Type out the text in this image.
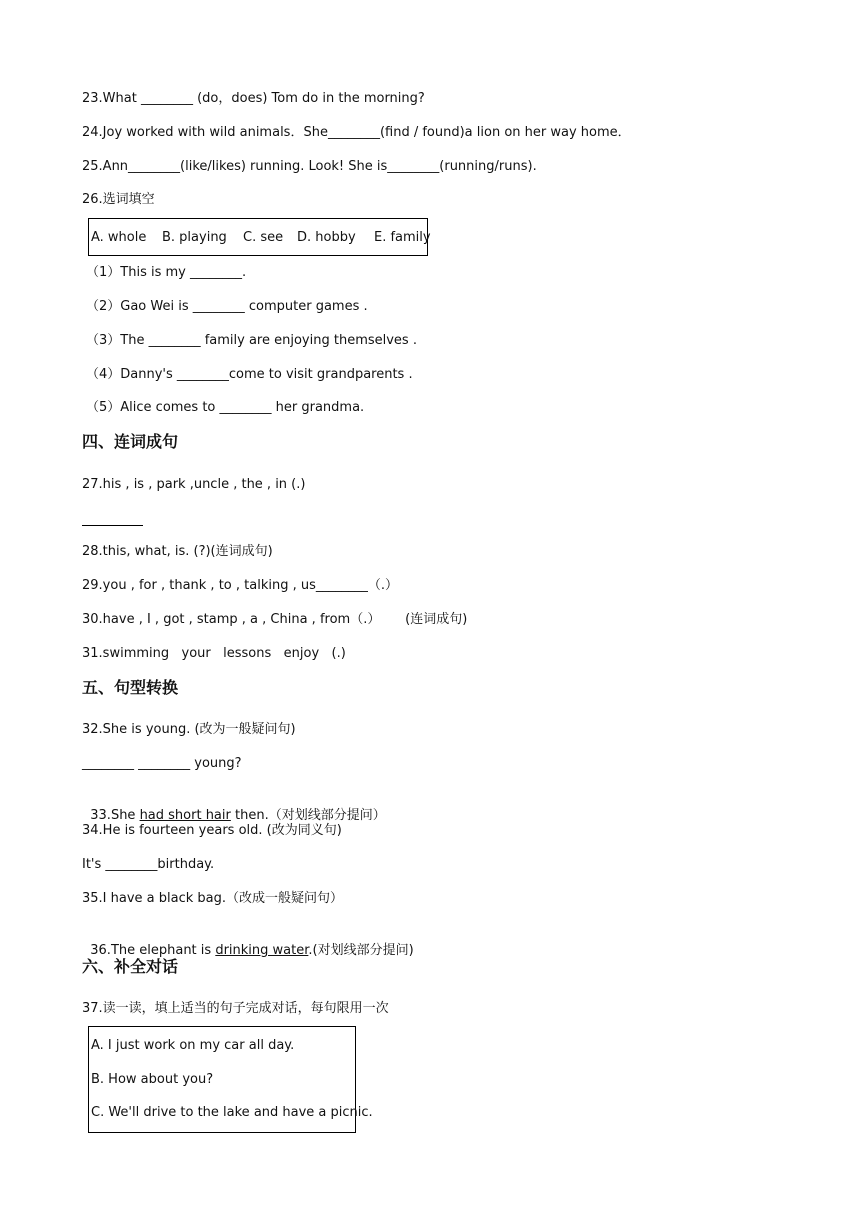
23.What ________ (do，does) Tom do in the morning?
24.Joy worked with wild animals．She________(find / found)a lion on her way home．
25.Ann________(like/likes) running. Look! She is________(running/runs).
26.选词填空
A. whole B. playing C. see D. hobby E. family
（1）This is my ________.
（2）Gao Wei is ________ computer games .
（3）The ________ family are enjoying themselves .
（4）Danny's ________come to visit grandparents .
（5）Alice comes to ________ her grandma.
四、连词成句
27.his , is , park ,uncle , the , in (.)
28.this, what, is. (?)(连词成句)
29.you , for , thank , to , talking , us________（.）
30.have , I , got , stamp , a , China , from（.）      (连词成句)
31.swimming   your   lessons   enjoy   (.)
五、句型转换
32.She is young. (改为一般疑问句)
________ ________ young?

33.She had short hair then.（对划线部分提问）

34.He is fourteen years old. (改为同义句)
It's ________birthday.
35.I have a black bag.（改成一般疑问句）

36.The elephant is drinking water.(对划线部分提问)

六、补全对话
37.读一读，填上适当的句子完成对话，每句限用一次
A. I just work on my car all day.
B. How about you?
C. We'll drive to the lake and have a picnic.
